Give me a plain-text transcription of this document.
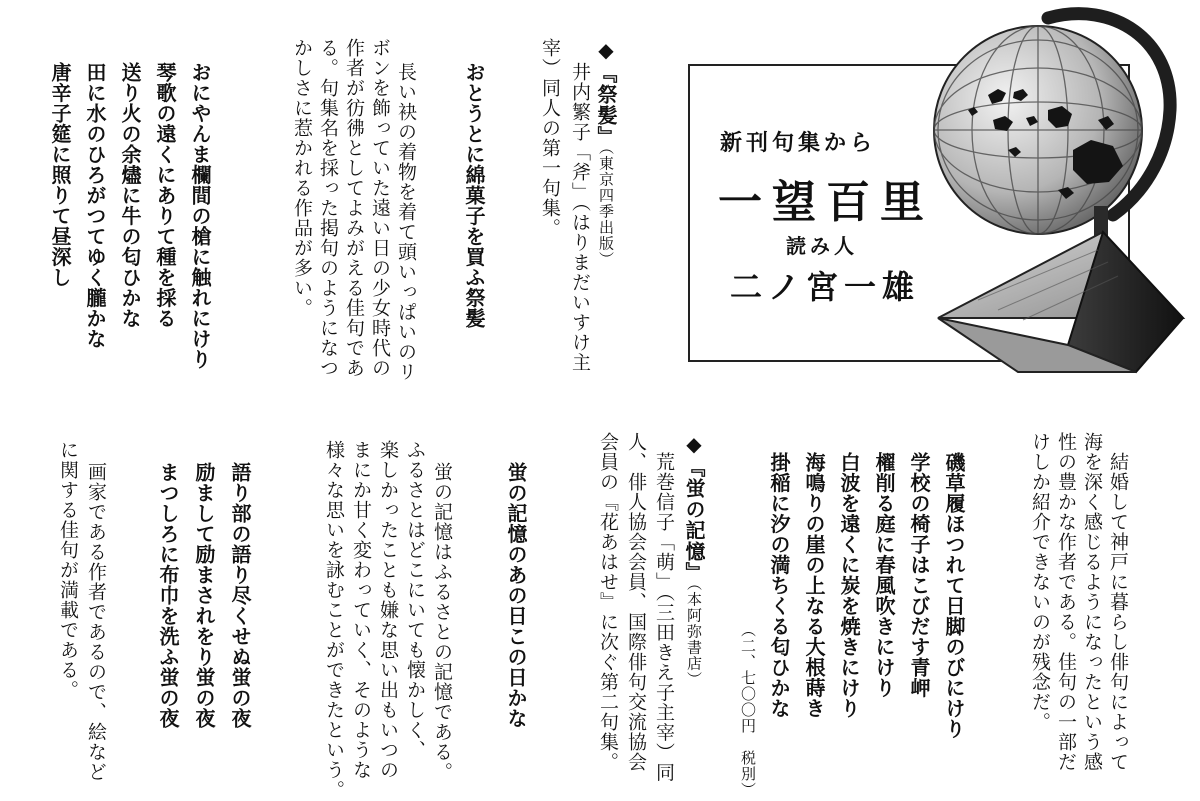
新刊句集から
一望百里
読み人
二ノ宮一雄
結婚して神戸に暮らし俳句によって
海を深く感じるようになったという感
性の豊かな作者である。佳句の一部だ
けしか紹介できないのが残念だ。
磯草履ほつれて日脚のびにけり
学校の椅子はこびだす青岬
櫂削る庭に春風吹きにけり
白波を遠くに炭を焼きにけり
海鳴りの崖の上なる大根蒔き
掛稲に汐の満ちくる匂ひかな
（二、七〇〇円　税別）
◆『祭髪』（東京四季出版）
井内繁子「斧」（はりまだいすけ主
宰）同人の第一句集。
おとうとに綿菓子を買ふ祭髪
長い袂の着物を着て頭いっぱいのリ
ボンを飾っていた遠い日の少女時代の
作者が彷彿としてよみがえる佳句であ
る。句集名を採った掲句のようになつ
かしさに惹かれる作品が多い。
おにやんま欄間の槍に触れにけり
琴歌の遠くにありて種を採る
送り火の余燼に牛の匂ひかな
田に水のひろがつてゆく朧かな
唐辛子筵に照りて昼深し
◆『蛍の記憶』（本阿弥書店）
荒巻信子「萌」（三田きえ子主宰）同
人、俳人協会会員、国際俳句交流協会
会員の『花あはせ』に次ぐ第二句集。
蛍の記憶のあの日この日かな
蛍の記憶はふるさとの記憶である。
ふるさとはどこにいても懐かしく、
楽しかったことも嫌な思い出もいつの
まにか甘く変わっていく、そのような
様々な思いを詠むことができたという。
語り部の語り尽くせぬ蛍の夜
励まして励まされをり蛍の夜
まつしろに布巾を洗ふ蛍の夜
画家である作者であるので、絵など
に関する佳句が満載である。
